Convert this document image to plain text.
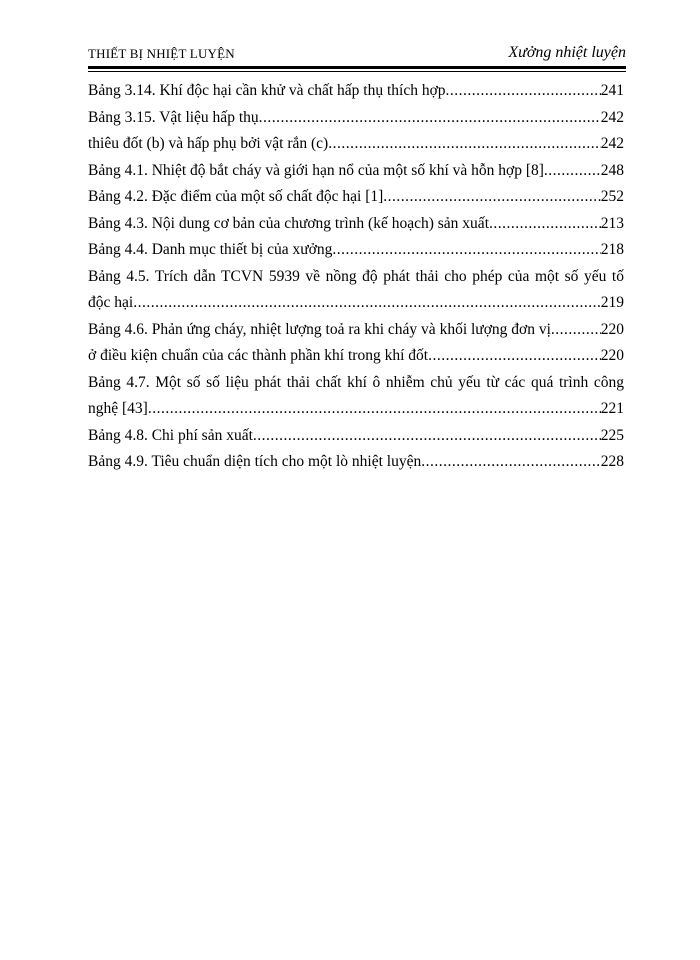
THIẾT BỊ NHIỆT LUYỆN	Xưởng nhiệt luyện
Bảng 3.14. Khí độc hại cần khử và chất hấp thụ thích hợp .....	241
Bảng 3.15. Vật liệu hấp thụ .....	242
thiêu đốt (b) và hấp phụ bởi vật rắn (c) .....	242
Bảng 4.1. Nhiệt độ bắt cháy và giới hạn nổ của một số khí và hỗn hợp [8] .....	248
Bảng 4.2. Đặc điểm của một số chất độc hại [1] .....	252
Bảng 4.3. Nội dung cơ bản của chương trình (kế hoạch) sản xuất .....	213
Bảng 4.4. Danh mục thiết bị của xưởng .....	218
Bảng 4.5. Trích dẫn TCVN 5939 về nồng độ phát thải cho phép của một số yếu tố
độc hại .....	219
Bảng 4.6. Phản ứng cháy, nhiệt lượng toả ra khi cháy và khối lượng đơn vị .....	220
ở điều kiện chuẩn của các thành phần khí trong khí đốt .....	220
Bảng 4.7. Một số số liệu phát thải chất khí ô nhiễm chủ yếu từ các quá trình công
nghệ [43] .....	221
Bảng 4.8. Chi phí sản xuất .....	225
Bảng 4.9. Tiêu chuẩn diện tích cho một lò nhiệt luyện .....	228
